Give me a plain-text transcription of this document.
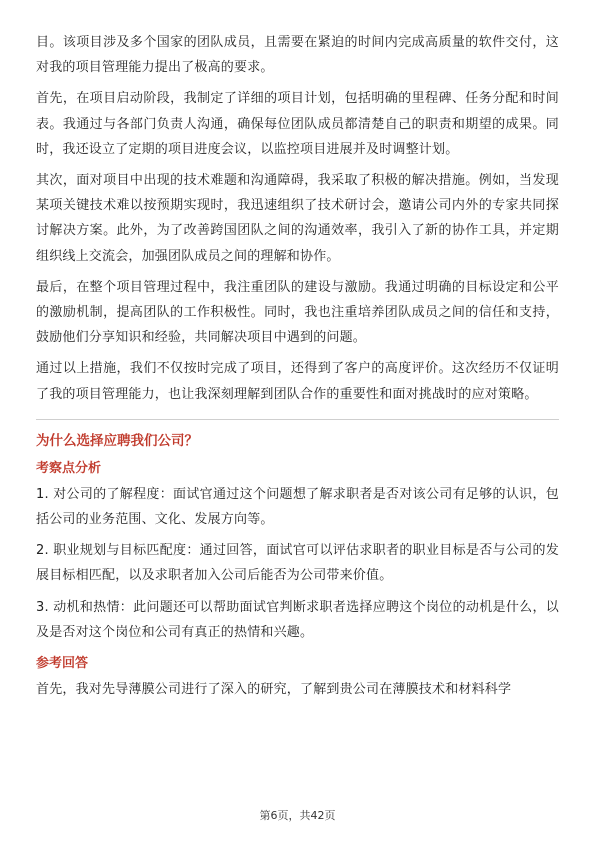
目。该项目涉及多个国家的团队成员，且需要在紧迫的时间内完成高质量的软件交付，这对我的项目管理能力提出了极高的要求。

首先，在项目启动阶段，我制定了详细的项目计划，包括明确的里程碑、任务分配和时间表。我通过与各部门负责人沟通，确保每位团队成员都清楚自己的职责和期望的成果。同时，我还设立了定期的项目进度会议，以监控项目进展并及时调整计划。

其次，面对项目中出现的技术难题和沟通障碍，我采取了积极的解决措施。例如，当发现某项关键技术难以按预期实现时，我迅速组织了技术研讨会，邀请公司内外的专家共同探讨解决方案。此外，为了改善跨国团队之间的沟通效率，我引入了新的协作工具，并定期组织线上交流会，加强团队成员之间的理解和协作。

最后，在整个项目管理过程中，我注重团队的建设与激励。我通过明确的目标设定和公平的激励机制，提高团队的工作积极性。同时，我也注重培养团队成员之间的信任和支持，鼓励他们分享知识和经验，共同解决项目中遇到的问题。

通过以上措施，我们不仅按时完成了项目，还得到了客户的高度评价。这次经历不仅证明了我的项目管理能力，也让我深刻理解到团队合作的重要性和面对挑战时的应对策略。

为什么选择应聘我们公司？
考察点分析

1. 对公司的了解程度：面试官通过这个问题想了解求职者是否对该公司有足够的认识，包括公司的业务范围、文化、发展方向等。

2. 职业规划与目标匹配度：通过回答，面试官可以评估求职者的职业目标是否与公司的发展目标相匹配，以及求职者加入公司后能否为公司带来价值。

3. 动机和热情：此问题还可以帮助面试官判断求职者选择应聘这个岗位的动机是什么，以及是否对这个岗位和公司有真正的热情和兴趣。

参考回答

首先，我对先导薄膜公司进行了深入的研究，了解到贵公司在薄膜技术和材料科学

第6页，共42页
